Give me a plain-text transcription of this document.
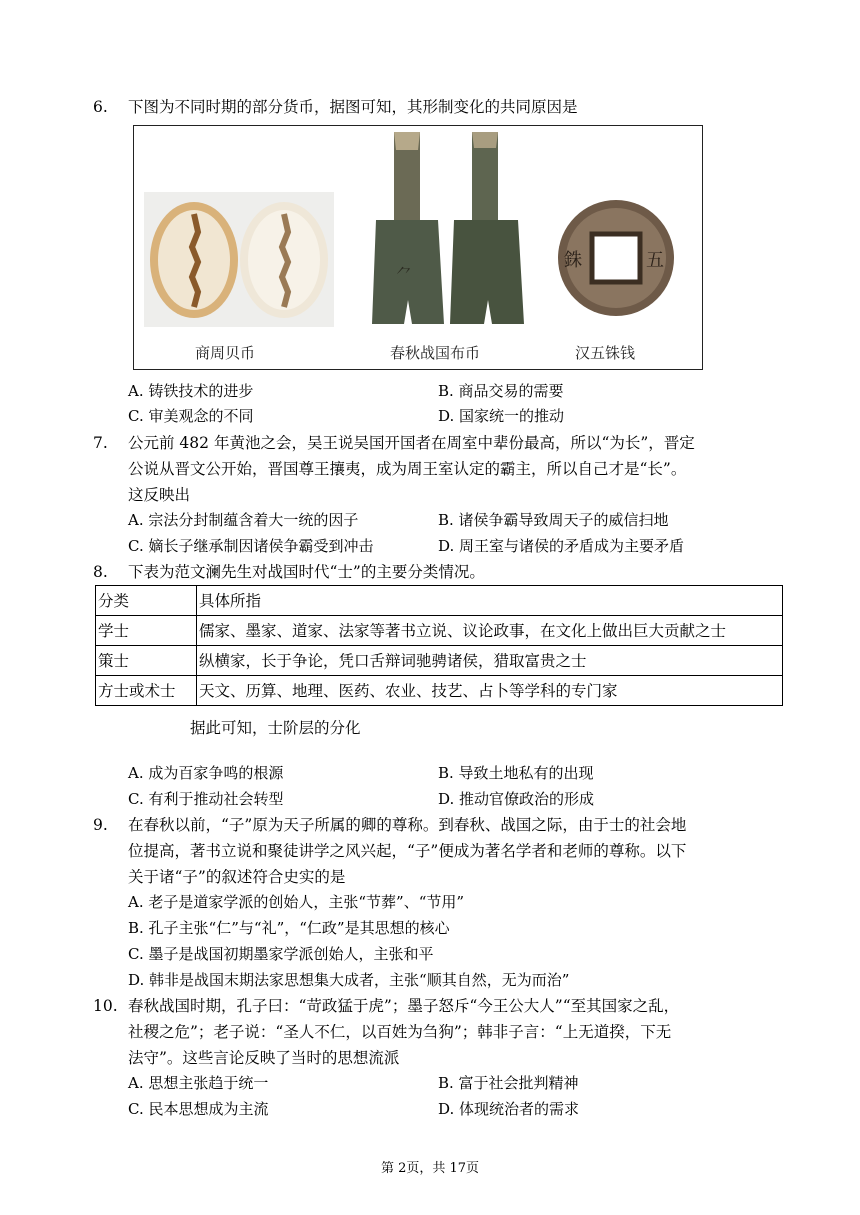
6. 下图为不同时期的部分货币，据图可知，其形制变化的共同原因是
⺈
銖	五
商周贝币	春秋战国布币	汉五铢钱
A. 铸铁技术的进步	B. 商品交易的需要
C. 审美观念的不同	D. 国家统一的推动
7. 公元前 482 年黄池之会，吴王说吴国开国者在周室中辈份最高，所以“为长”，晋定
公说从晋文公开始，晋国尊王攘夷，成为周王室认定的霸主，所以自己才是“长”。
这反映出
A. 宗法分封制蕴含着大一统的因子	B. 诸侯争霸导致周天子的威信扫地
C. 嫡长子继承制因诸侯争霸受到冲击	D. 周王室与诸侯的矛盾成为主要矛盾
8. 下表为范文澜先生对战国时代“士”的主要分类情况。
分类	具体所指
学士	儒家、墨家、道家、法家等著书立说、议论政事，在文化上做出巨大贡献之士
策士	纵横家，长于争论，凭口舌辩词驰骋诸侯，猎取富贵之士
方士或术士	天文、历算、地理、医药、农业、技艺、占卜等学科的专门家
据此可知，士阶层的分化
A. 成为百家争鸣的根源	B. 导致土地私有的出现
C. 有利于推动社会转型	D. 推动官僚政治的形成
9. 在春秋以前，“子”原为天子所属的卿的尊称。到春秋、战国之际，由于士的社会地
位提高，著书立说和聚徒讲学之风兴起，“子”便成为著名学者和老师的尊称。以下
关于诸“子”的叙述符合史实的是
A. 老子是道家学派的创始人，主张“节葬”、“节用”
B. 孔子主张“仁”与“礼”，“仁政”是其思想的核心
C. 墨子是战国初期墨家学派创始人，主张和平
D. 韩非是战国末期法家思想集大成者，主张“顺其自然，无为而治”
10. 春秋战国时期，孔子曰：“苛政猛于虎”；墨子怒斥“今王公大人”“至其国家之乱，
社稷之危”；老子说：“圣人不仁，以百姓为刍狗”；韩非子言：“上无道揆，下无
法守”。这些言论反映了当时的思想流派
A. 思想主张趋于统一	B. 富于社会批判精神
C. 民本思想成为主流	D. 体现统治者的需求
第 2页，共 17页
